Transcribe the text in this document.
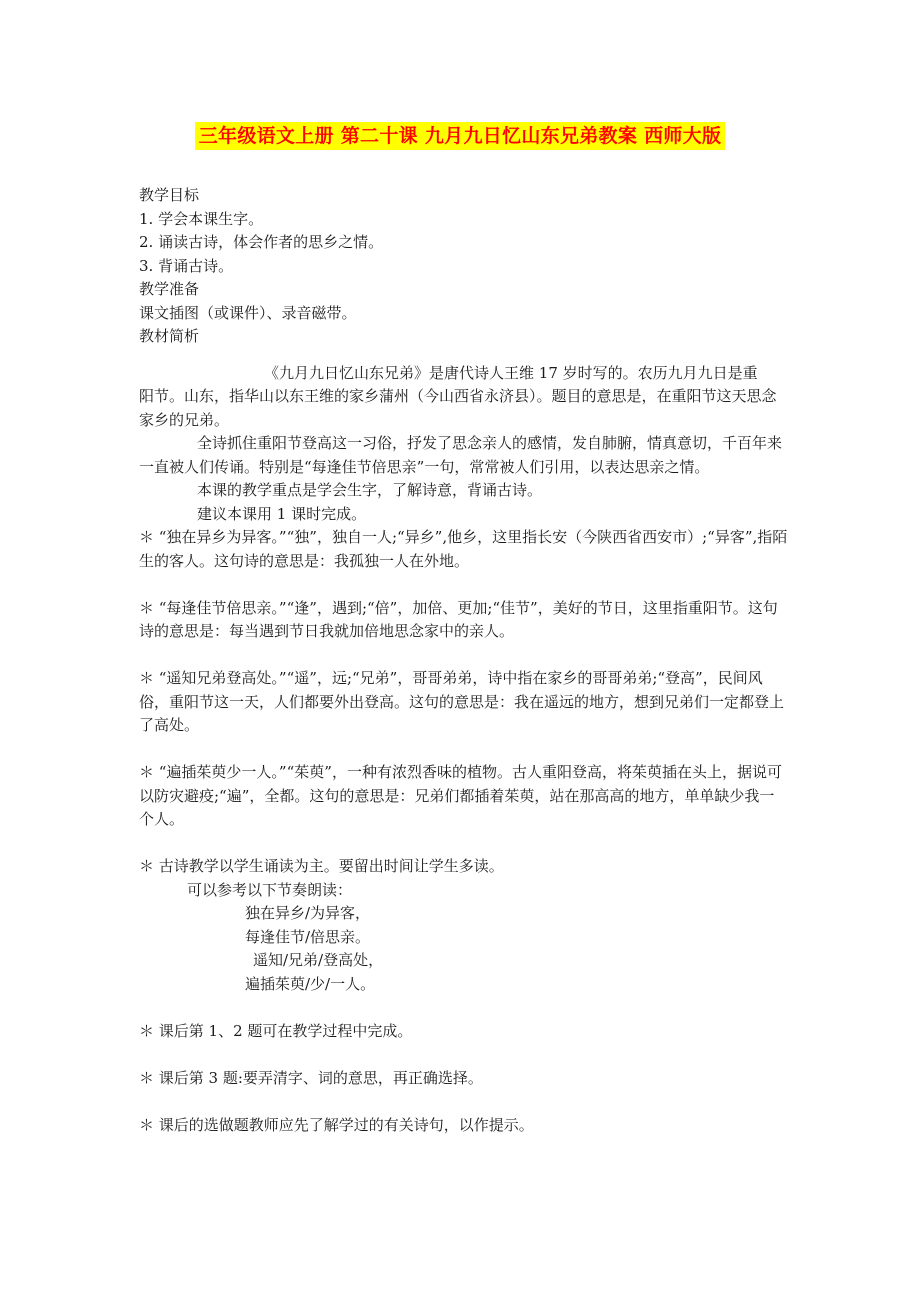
三年级语文上册 第二十课 九月九日忆山东兄弟教案 西师大版
教学目标
1. 学会本课生字。
2. 诵读古诗，体会作者的思乡之情。
3. 背诵古诗。
教学准备
课文插图（或课件）、录音磁带。
教材简析
《九月九日忆山东兄弟》是唐代诗人王维 17 岁时写的。农历九月九日是重
阳节。山东，指华山以东王维的家乡蒲州（今山西省永济县）。题目的意思是，在重阳节这天思念家乡的兄弟。
全诗抓住重阳节登高这一习俗，抒发了思念亲人的感情，发自肺腑，情真意切，千百年来一直被人们传诵。特别是“每逢佳节倍思亲”一句，常常被人们引用，以表达思亲之情。
本课的教学重点是学会生字，了解诗意，背诵古诗。
建议本课用 1 课时完成。
＊ “独在异乡为异客。”“独”，独自一人;“异乡”,他乡，这里指长安（今陕西省西安市）;“异客”,指陌生的客人。这句诗的意思是：我孤独一人在外地。
＊ “每逢佳节倍思亲。”“逢”，遇到;“倍”，加倍、更加;“佳节”，美好的节日，这里指重阳节。这句诗的意思是：每当遇到节日我就加倍地思念家中的亲人。
＊ “遥知兄弟登高处。”“遥”，远;“兄弟”，哥哥弟弟，诗中指在家乡的哥哥弟弟;“登高”，民间风俗，重阳节这一天，人们都要外出登高。这句的意思是：我在遥远的地方，想到兄弟们一定都登上了高处。
＊ “遍插茱萸少一人。”“茱萸”，一种有浓烈香味的植物。古人重阳登高，将茱萸插在头上，据说可以防灾避疫;“遍”，全都。这句的意思是：兄弟们都插着茱萸，站在那高高的地方，单单缺少我一个人。
＊ 古诗教学以学生诵读为主。要留出时间让学生多读。
可以参考以下节奏朗读：
独在异乡/为异客，
每逢佳节/倍思亲。
遥知/兄弟/登高处，
遍插茱萸/少/一人。
＊ 课后第 1、2 题可在教学过程中完成。
＊ 课后第 3 题:要弄清字、词的意思，再正确选择。
＊ 课后的选做题教师应先了解学过的有关诗句，以作提示。
